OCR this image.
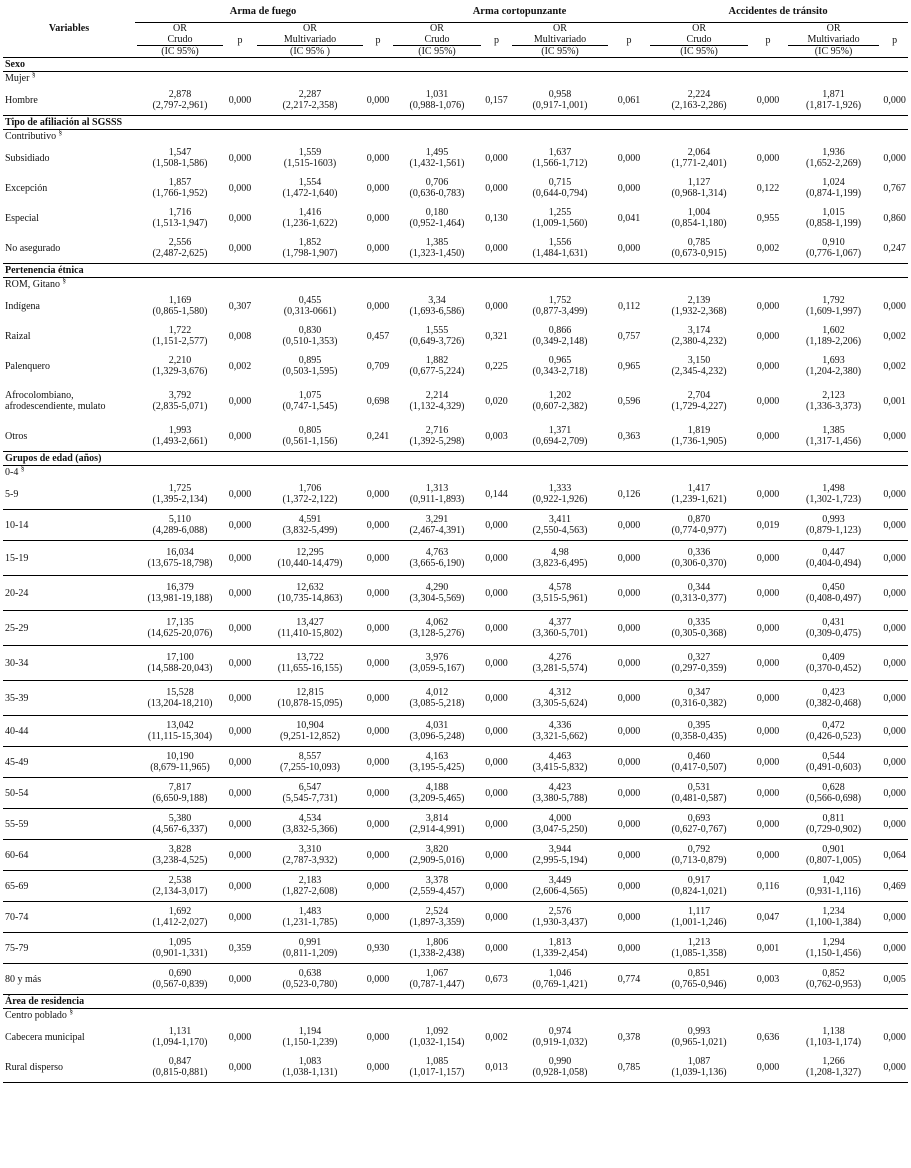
Variables	Arma de fuego				Arma cortopunzante				Accidentes de tránsito			

	OR
Crudo
(IC 95%)	p	OR
Multivariado
(IC 95% )	p	OR
Crudo
(IC 95%)	p	OR
Multivariado
(IC 95%)	p	OR
Crudo
(IC 95%)	p	OR
Multivariado
(IC 95%)	p
Sexo												
Mujer §
Hombre	2,878
(2,797-2,961)	0,000	2,287
(2,217-2,358)	0,000	1,031
(0,988-1,076)	0,157	0,958
(0,917-1,001)	0,061	2,224
(2,163-2,286)	0,000	1,871
(1,817-1,926)	0,000
Tipo de afiliación al SGSSS												
Contributivo §
Subsidiado	1,547
(1,508-1,586)	0,000	1,559
(1,515-1603)	0,000	1,495
(1,432-1,561)	0,000	1,637
(1,566-1,712)	0,000	2,064
(1,771-2,401)	0,000	1,936
(1,652-2,269)	0,000
Excepción	1,857
(1,766-1,952)	0,000	1,554
(1,472-1,640)	0,000	0,706
(0,636-0,783)	0,000	0,715
(0,644-0,794)	0,000	1,127
(0,968-1,314)	0,122	1,024
(0,874-1,199)	0,767
Especial	1,716
(1,513-1,947)	0,000	1,416
(1,236-1,622)	0,000	0,180
(0,952-1,464)	0,130	1,255
(1,009-1,560)	0,041	1,004
(0,854-1,180)	0,955	1,015
(0,858-1,199)	0,860
No asegurado	2,556
(2,487-2,625)	0,000	1,852
(1,798-1,907)	0,000	1,385
(1,323-1,450)	0,000	1,556
(1,484-1,631)	0,000	0,785
(0,673-0,915)	0,002	0,910
(0,776-1,067)	0,247
Pertenencia étnica												
ROM, Gitano §
Indígena	1,169
(0,865-1,580)	0,307	0,455
(0,313-0661)	0,000	3,34
(1,693-6,586)	0,000	1,752
(0,877-3,499)	0,112	2,139
(1,932-2,368)	0,000	1,792
(1,609-1,997)	0,000
Raizal	1,722
(1,151-2,577)	0,008	0,830
(0,510-1,353)	0,457	1,555
(0,649-3,726)	0,321	0,866
(0,349-2,148)	0,757	3,174
(2,380-4,232)	0,000	1,602
(1,189-2,206)	0,002
Palenquero	2,210
(1,329-3,676)	0,002	0,895
(0,503-1,595)	0,709	1,882
(0,677-5,224)	0,225	0,965
(0,343-2,718)	0,965	3,150
(2,345-4,232)	0,000	1,693
(1,204-2,380)	0,002
Afrocolombiano, afrodescendiente, mulato	3,792
(2,835-5,071)	0,000	1,075
(0,747-1,545)	0,698	2,214
(1,132-4,329)	0,020	1,202
(0,607-2,382)	0,596	2,704
(1,729-4,227)	0,000	2,123
(1,336-3,373)	0,001
Otros	1,993
(1,493-2,661)	0,000	0,805
(0,561-1,156)	0,241	2,716
(1,392-5,298)	0,003	1,371
(0,694-2,709)	0,363	1,819
(1,736-1,905)	0,000	1,385
(1,317-1,456)	0,000
Grupos de edad (años)												
0-4 §
5-9	1,725
(1,395-2,134)	0,000	1,706
(1,372-2,122)	0,000	1,313
(0,911-1,893)	0,144	1,333
(0,922-1,926)	0,126	1,417
(1,239-1,621)	0,000	1,498
(1,302-1,723)	0,000
10-14	5,110
(4,289-6,088)	0,000	4,591
(3,832-5,499)	0,000	3,291
(2,467-4,391)	0,000	3,411
(2,550-4,563)	0,000	0,870
(0,774-0,977)	0,019	0,993
(0,879-1,123)	0,000
15-19	16,034
(13,675-18,798)	0,000	12,295
(10,440-14,479)	0,000	4,763
(3,665-6,190)	0,000	4,98
(3,823-6,495)	0,000	0,336
(0,306-0,370)	0,000	0,447
(0,404-0,494)	0,000
20-24	16,379
(13,981-19,188)	0,000	12,632
(10,735-14,863)	0,000	4,290
(3,304-5,569)	0,000	4,578
(3,515-5,961)	0,000	0,344
(0,313-0,377)	0,000	0,450
(0,408-0,497)	0,000
25-29	17,135
(14,625-20,076)	0,000	13,427
(11,410-15,802)	0,000	4,062
(3,128-5,276)	0,000	4,377
(3,360-5,701)	0,000	0,335
(0,305-0,368)	0,000	0,431
(0,309-0,475)	0,000
30-34	17,100
(14,588-20,043)	0,000	13,722
(11,655-16,155)	0,000	3,976
(3,059-5,167)	0,000	4,276
(3,281-5,574)	0,000	0,327
(0,297-0,359)	0,000	0,409
(0,370-0,452)	0,000
35-39	15,528
(13,204-18,210)	0,000	12,815
(10,878-15,095)	0,000	4,012
(3,085-5,218)	0,000	4,312
(3,305-5,624)	0,000	0,347
(0,316-0,382)	0,000	0,423
(0,382-0,468)	0,000
40-44	13,042
(11,115-15,304)	0,000	10,904
(9,251-12,852)	0,000	4,031
(3,096-5,248)	0,000	4,336
(3,321-5,662)	0,000	0,395
(0,358-0,435)	0,000	0,472
(0,426-0,523)	0,000
45-49	10,190
(8,679-11,965)	0,000	8,557
(7,255-10,093)	0,000	4,163
(3,195-5,425)	0,000	4,463
(3,415-5,832)	0,000	0,460
(0,417-0,507)	0,000	0,544
(0,491-0,603)	0,000
50-54	7,817
(6,650-9,188)	0,000	6,547
(5,545-7,731)	0,000	4,188
(3,209-5,465)	0,000	4,423
(3,380-5,788)	0,000	0,531
(0,481-0,587)	0,000	0,628
(0,566-0,698)	0,000
55-59	5,380
(4,567-6,337)	0,000	4,534
(3,832-5,366)	0,000	3,814
(2,914-4,991)	0,000	4,000
(3,047-5,250)	0,000	0,693
(0,627-0,767)	0,000	0,811
(0,729-0,902)	0,000
60-64	3,828
(3,238-4,525)	0,000	3,310
(2,787-3,932)	0,000	3,820
(2,909-5,016)	0,000	3,944
(2,995-5,194)	0,000	0,792
(0,713-0,879)	0,000	0,901
(0,807-1,005)	0,064
65-69	2,538
(2,134-3,017)	0,000	2,183
(1,827-2,608)	0,000	3,378
(2,559-4,457)	0,000	3,449
(2,606-4,565)	0,000	0,917
(0,824-1,021)	0,116	1,042
(0,931-1,116)	0,469
70-74	1,692
(1,412-2,027)	0,000	1,483
(1,231-1,785)	0,000	2,524
(1,897-3,359)	0,000	2,576
(1,930-3,437)	0,000	1,117
(1,001-1,246)	0,047	1,234
(1,100-1,384)	0,000
75-79	1,095
(0,901-1,331)	0,359	0,991
(0,811-1,209)	0,930	1,806
(1,338-2,438)	0,000	1,813
(1,339-2,454)	0,000	1,213
(1,085-1,358)	0,001	1,294
(1,150-1,456)	0,000
80 y más	0,690
(0,567-0,839)	0,000	0,638
(0,523-0,780)	0,000	1,067
(0,787-1,447)	0,673	1,046
(0,769-1,421)	0,774	0,851
(0,765-0,946)	0,003	0,852
(0,762-0,953)	0,005
Área de residencia												
Centro poblado §
Cabecera municipal	1,131
(1,094-1,170)	0,000	1,194
(1,150-1,239)	0,000	1,092
(1,032-1,154)	0,002	0,974
(0,919-1,032)	0,378	0,993
(0,965-1,021)	0,636	1,138
(1,103-1,174)	0,000
Rural disperso	0,847
(0,815-0,881)	0,000	1,083
(1,038-1,131)	0,000	1,085
(1,017-1,157)	0,013	0,990
(0,928-1,058)	0,785	1,087
(1,039-1,136)	0,000	1,266
(1,208-1,327)	0,000
